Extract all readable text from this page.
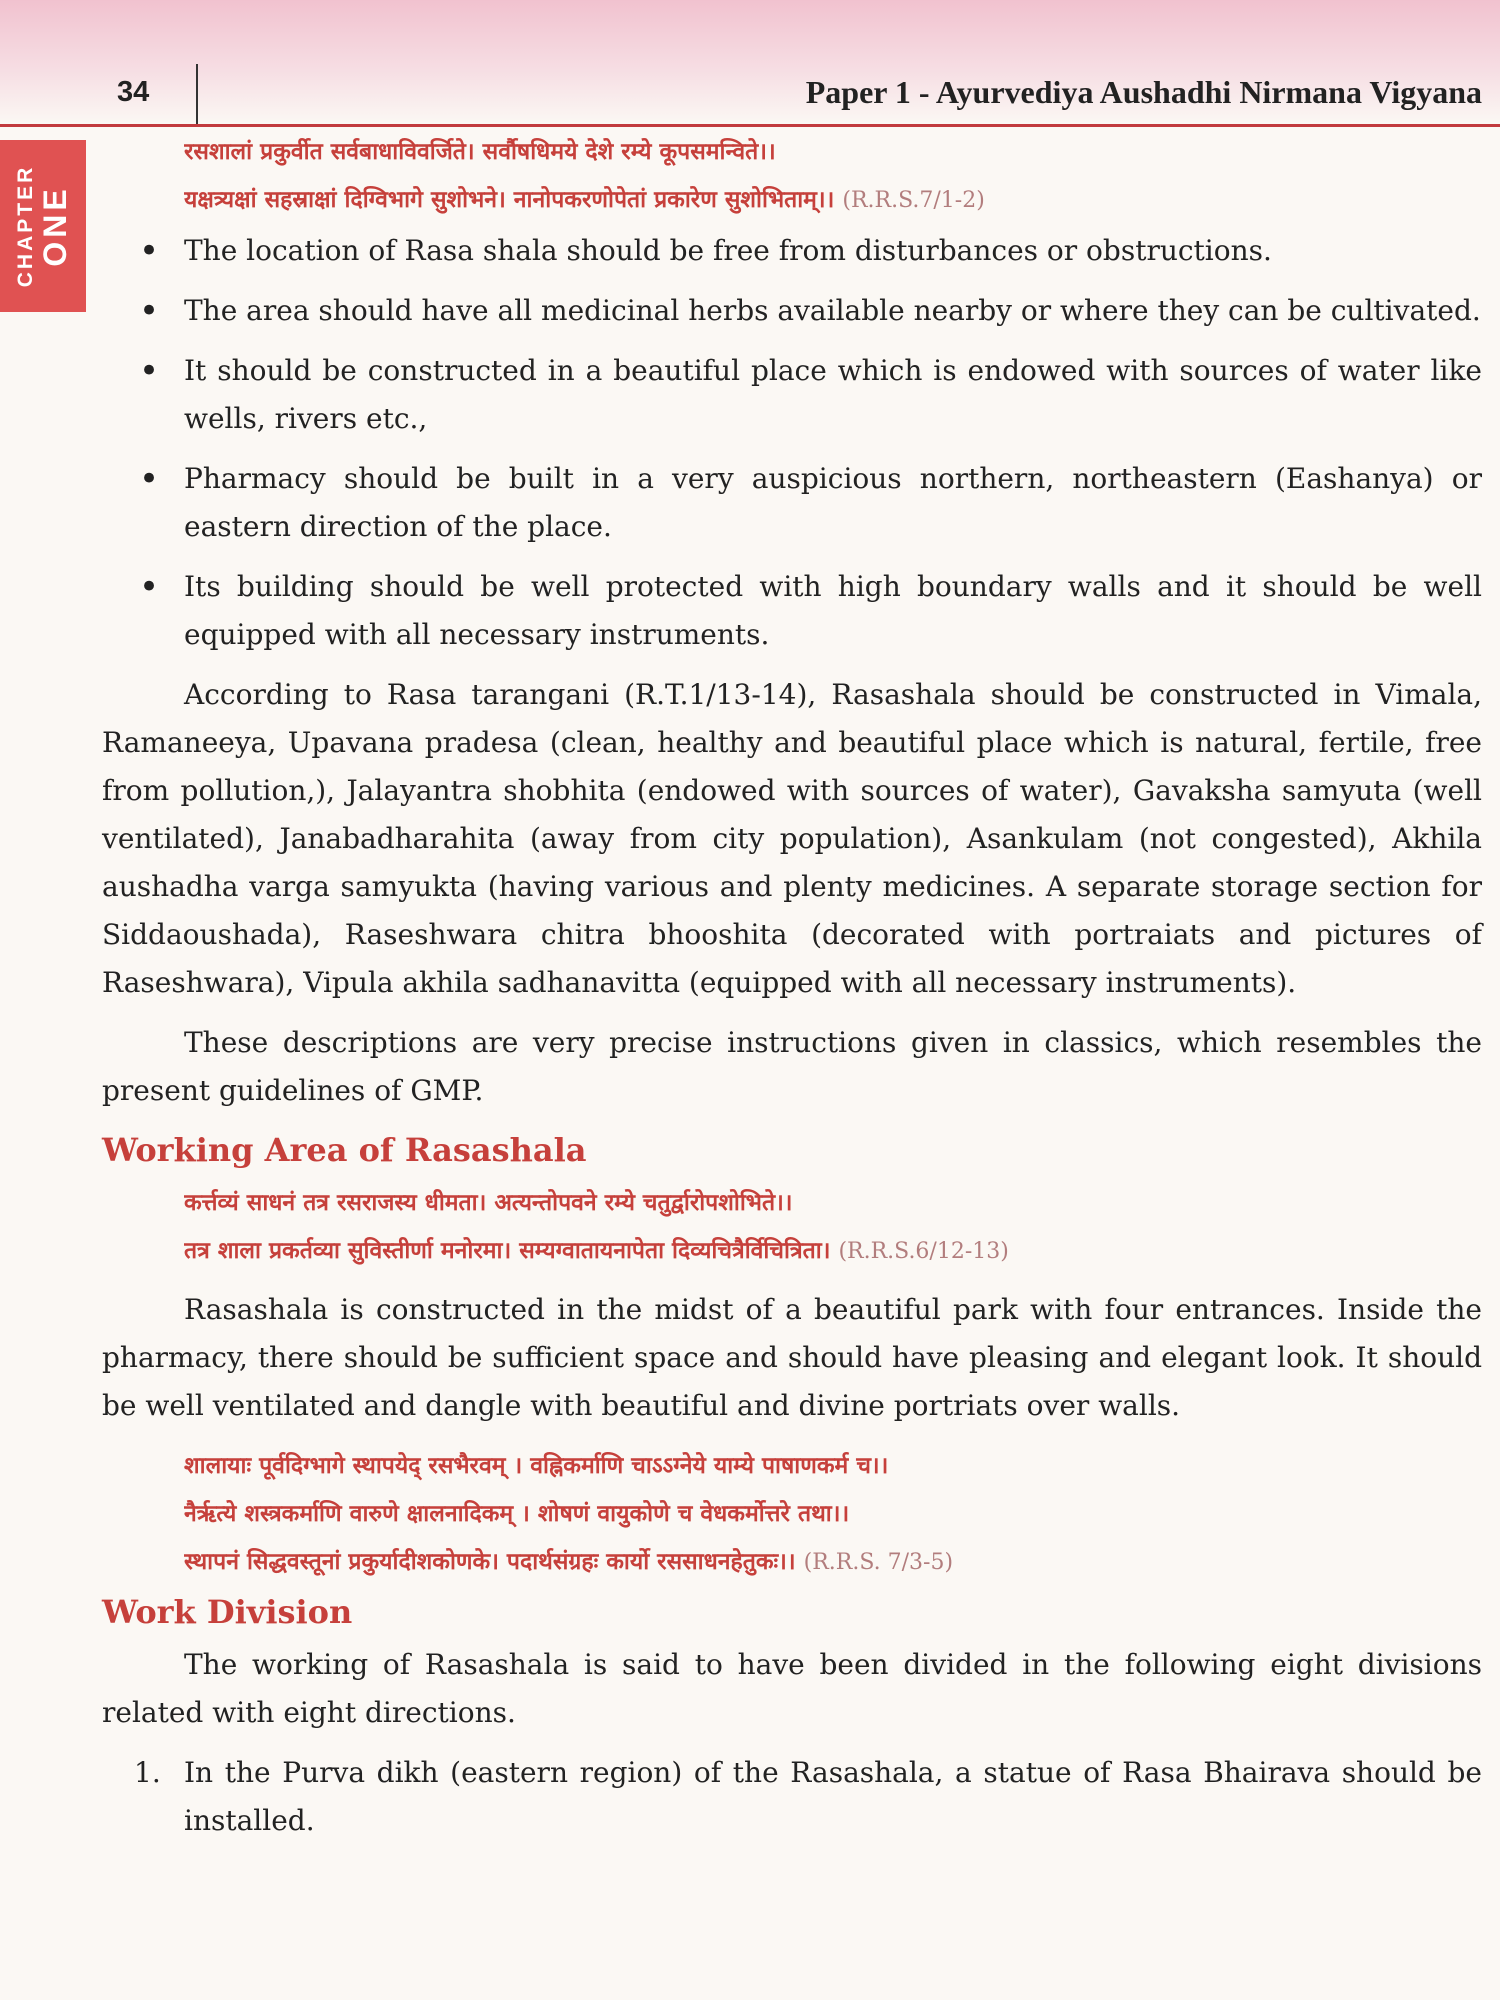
34	Paper 1 - Ayurvediya Aushadhi Nirmana Vigyana
CHAPTER ONE
रसशालां प्रकुर्वीत सर्वबाधाविवर्जिते। सर्वौषधिमये देशे रम्ये कूपसमन्विते।।
यक्षत्र्यक्षां सहस्राक्षां दिग्विभागे सुशोभने। नानोपकरणोपेतां प्रकारेण सुशोभिताम्।। (R.R.S.7/1-2)
• The location of Rasa shala should be free from disturbances or obstructions.
• The area should have all medicinal herbs available nearby or where they can be cultivated.
• It should be constructed in a beautiful place which is endowed with sources of water like wells, rivers etc.,
• Pharmacy should be built in a very auspicious northern, northeastern (Eashanya) or eastern direction of the place.
• Its building should be well protected with high boundary walls and it should be well equipped with all necessary instruments.

According to Rasa tarangani (R.T.1/13-14), Rasashala should be constructed in Vimala, Ramaneeya, Upavana pradesa (clean, healthy and beautiful place which is natural, fertile, free from pollution,), Jalayantra shobhita (endowed with sources of water), Gavaksha samyuta (well ventilated), Janabadharahita (away from city population), Asankulam (not congested), Akhila aushadha varga samyukta (having various and plenty medicines. A separate storage section for Siddaoushada), Raseshwara chitra bhooshita (decorated with portraiats and pictures of Raseshwara), Vipula akhila sadhanavitta (equipped with all necessary instruments).

These descriptions are very precise instructions given in classics, which resembles the present guidelines of GMP.

Working Area of Rasashala
कर्त्तव्यं साधनं तत्र रसराजस्य धीमता। अत्यन्तोपवने रम्ये चतुर्द्वारोपशोभिते।।
तत्र शाला प्रकर्तव्या सुविस्तीर्णा मनोरमा। सम्यग्वातायनापेता दिव्यचित्रैर्विचित्रिता। (R.R.S.6/12-13)

Rasashala is constructed in the midst of a beautiful park with four entrances. Inside the pharmacy, there should be sufficient space and should have pleasing and elegant look. It should be well ventilated and dangle with beautiful and divine portriats over walls.

शालायाः पूर्वदिग्भागे स्थापयेद् रसभैरवम् । वह्निकर्माणि चाऽऽग्नेये याम्ये पाषाणकर्म च।।
नैर्ऋत्ये शस्त्रकर्माणि वारुणे क्षालनादिकम् । शोषणं वायुकोणे च वेधकर्मोत्तरे तथा।।
स्थापनं सिद्धवस्तूनां प्रकुर्यादीशकोणके। पदार्थसंग्रहः कार्यो रससाधनहेतुकः।। (R.R.S. 7/3-5)
Work Division

The working of Rasashala is said to have been divided in the following eight divisions related with eight directions.

1. In the Purva dikh (eastern region) of the Rasashala, a statue of Rasa Bhairava should be installed.
